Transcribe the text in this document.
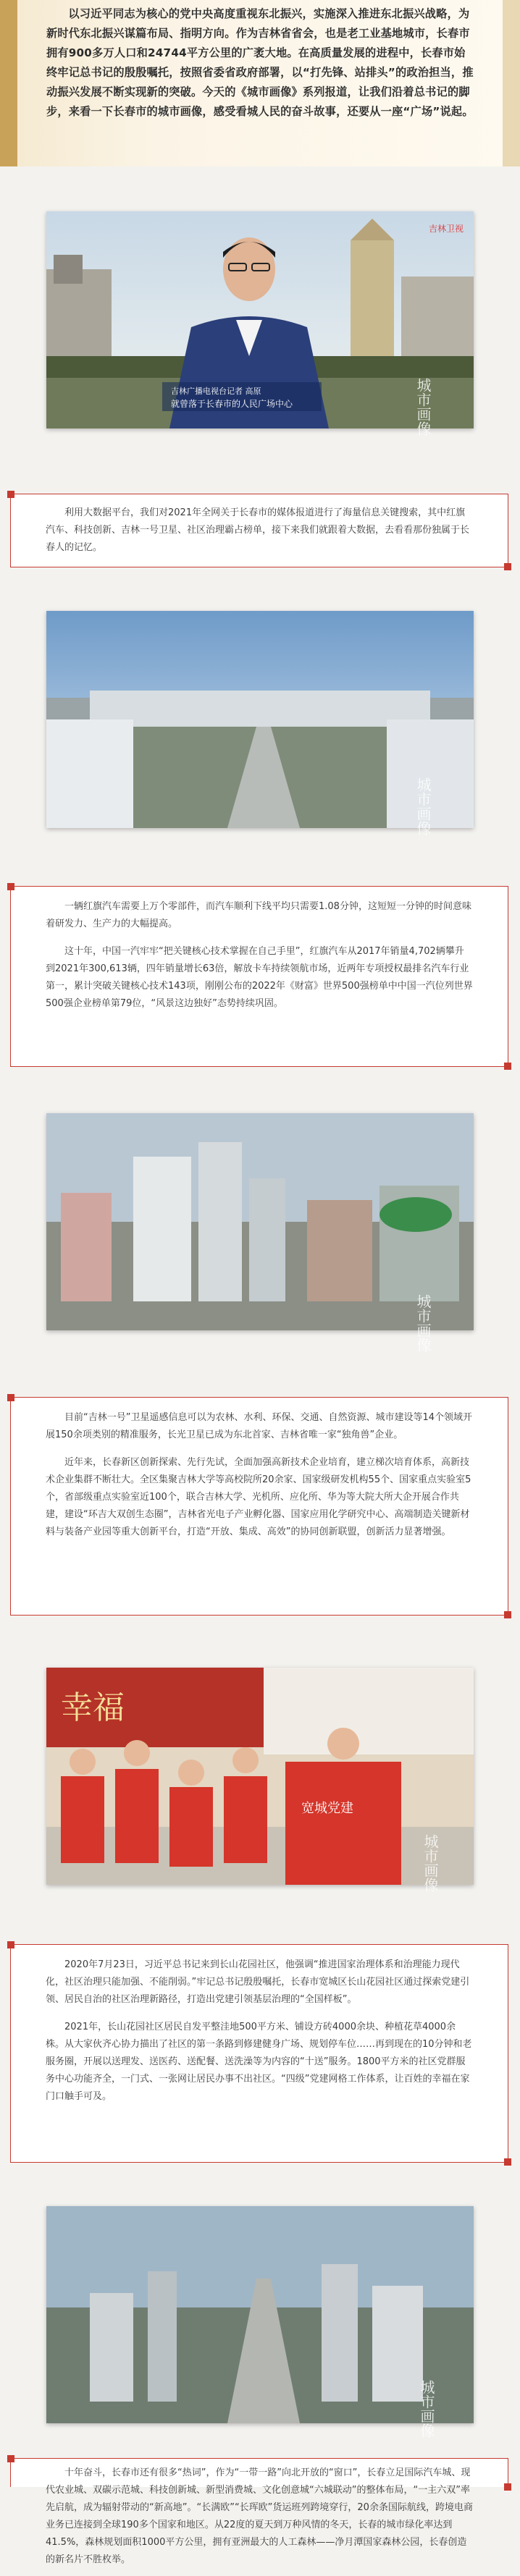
以习近平同志为核心的党中央高度重视东北振兴，实施深入推进东北振兴战略，为新时代东北振兴谋篇布局、指明方向。作为吉林省省会，也是老工业基地城市，长春市拥有900多万人口和24744平方公里的广袤大地。在高质量发展的进程中，长春市始终牢记总书记的殷殷嘱托，按照省委省政府部署，以“打先锋、站排头”的政治担当，推动振兴发展不断实现新的突破。今天的《城市画像》系列报道，让我们沿着总书记的脚步，来看一下长春市的城市画像，感受看城人民的奋斗故事，还要从一座“广场”说起。

吉林广播电视台记者 高原
就曾落于长春市的人民广场中心
吉林卫视
城市画像

利用大数据平台，我们对2021年全网关于长春市的媒体报道进行了海量信息关键搜索，其中红旗汽车、科技创新、吉林一号卫星、社区治理霸占榜单，接下来我们就跟着大数据，去看看那份独属于长春人的记忆。

城市画像

一辆红旗汽车需要上万个零部件，而汽车顺利下线平均只需要1.08分钟，这短短一分钟的时间意味着研发力、生产力的大幅提高。

这十年，中国一汽牢牢“把关键核心技术掌握在自己手里”，红旗汽车从2017年销量4,702辆攀升到2021年300,613辆，四年销量增长63倍，解放卡车持续领航市场，近两年专项授权最排名汽车行业第一，累计突破关键核心技术143项，刚刚公布的2022年《财富》世界500强榜单中中国一汽位列世界500强企业榜单第79位，“风景这边独好”态势持续巩固。

城市画像

目前“吉林一号”卫星遥感信息可以为农林、水利、环保、交通、自然资源、城市建设等14个领域开展150余项类别的精准服务，长光卫星已成为东北首家、吉林省唯一家“独角兽”企业。

近年来，长春新区创新探索、先行先试，全面加强高新技术企业培育，建立梯次培育体系，高新技术企业集群不断壮大。全区集聚吉林大学等高校院所20余家、国家级研发机构55个、国家重点实验室5个，省部级重点实验室近100个，联合吉林大学、光机所、应化所、华为等大院大所大企开展合作共建，建设“环吉大双创生态圈”，吉林省光电子产业孵化器、国家应用化学研究中心、高端制造关键新材料与装备产业园等重大创新平台，打造“开放、集成、高效”的协同创新联盟，创新活力显著增强。

幸福
宽城党建
城市画像

2020年7月23日，习近平总书记来到长山花园社区，他强调“推进国家治理体系和治理能力现代化，社区治理只能加强、不能削弱。”牢记总书记殷殷嘱托，长春市宽城区长山花园社区通过探索党建引领、居民自治的社区治理新路径，打造出党建引领基层治理的“全国样板”。

2021年，长山花园社区居民自发平整洼地500平方米、铺设方砖4000余块、种植花草4000余株。从大家伙齐心协力描出了社区的第一条路到修建健身广场、规划停车位……再到现在的10分钟和老服务圈，开展以送理发、送医药、送配餐、送洗澡等为内容的“十送”服务。1800平方米的社区党群服务中心功能齐全，一门式、一张网让居民办事不出社区。“四级”党建网格工作体系，让百姓的幸福在家门口触手可及。

城市画像

十年奋斗，长春市还有很多“热词”，作为“一带一路”向北开放的“窗口”，长春立足国际汽车城、现代农业城、双碳示范城、科技创新城、新型消费城、文化创意城“六城联动”的整体布局，“一主六双”率先启航，成为辐射带动的“新高地”。“长满欧”“长珲欧”货运班列跨境穿行，20余条国际航线，跨境电商业务已连接到全球190多个国家和地区。从22度的夏天到万种风情的冬天，长春的城市绿化率达到41.5%，森林规划面积1000平方公里，拥有亚洲最大的人工森林——净月潭国家森林公园，长春创造的新名片不胜枚举。
